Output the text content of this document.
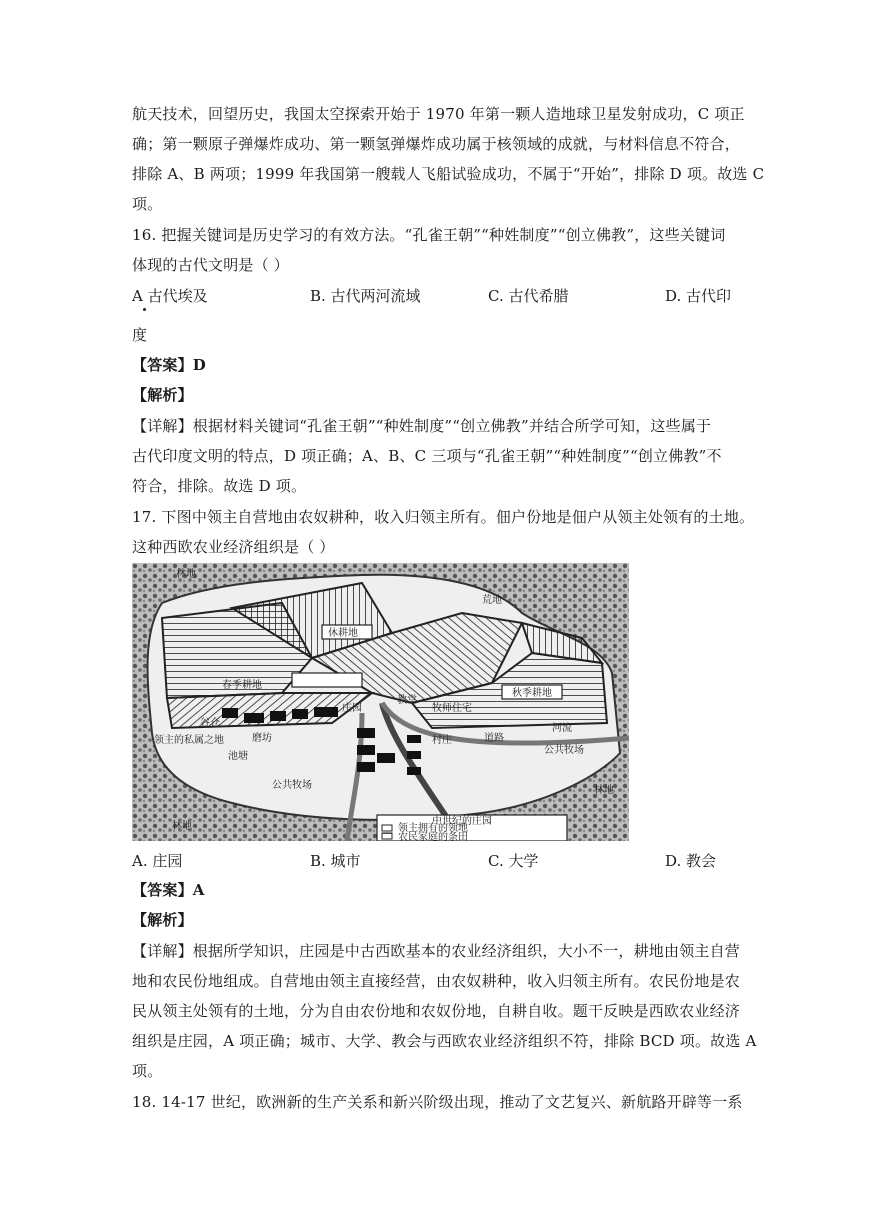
航天技术，回望历史，我国太空探索开始于 1970 年第一颗人造地球卫星发射成功，C 项正
确；第一颗原子弹爆炸成功、第一颗氢弹爆炸成功属于核领域的成就，与材料信息不符合，
排除 A、B 两项；1999 年我国第一艘载人飞船试验成功，不属于“开始”，排除 D 项。故选 C
项。
16. 把握关键词是历史学习的有效方法。“孔雀王朝”“种姓制度”“创立佛教”，这些关键词
体现的古代文明是（ ）
A 古代埃及	B. 古代两河流域	C. 古代希腊	D. 古代印
度
【答案】D
【解析】
【详解】根据材料关键词“孔雀王朝”“种姓制度”“创立佛教”并结合所学可知，这些属于
古代印度文明的特点，D 项正确；A、B、C 三项与“孔雀王朝”“种姓制度”“创立佛教”不
符合，排除。故选 D 项。
17. 下图中领主自营地由农奴耕种，收入归领主所有。佃户份地是佃户从领主处领有的土地。
这种西欧农业经济组织是（ ）
林地
荒地
休耕地
春季耕地
秋季耕地
庄园
教堂
牧师住宅
谷仓
磨坊
领主的私属之地
池塘
村庄	道路
河流
公共牧场
公共牧场
林地
林地
中世纪的庄园
领主拥有的领地
农民家庭的条田
A. 庄园	B. 城市	C. 大学	D. 教会
【答案】A
【解析】
【详解】根据所学知识，庄园是中古西欧基本的农业经济组织，大小不一，耕地由领主自营
地和农民份地组成。自营地由领主直接经营，由农奴耕种，收入归领主所有。农民份地是农
民从领主处领有的土地，分为自由农份地和农奴份地，自耕自收。题干反映是西欧农业经济
组织是庄园，A 项正确；城市、大学、教会与西欧农业经济组织不符，排除 BCD 项。故选 A
项。
18. 14-17 世纪，欧洲新的生产关系和新兴阶级出现，推动了文艺复兴、新航路开辟等一系
